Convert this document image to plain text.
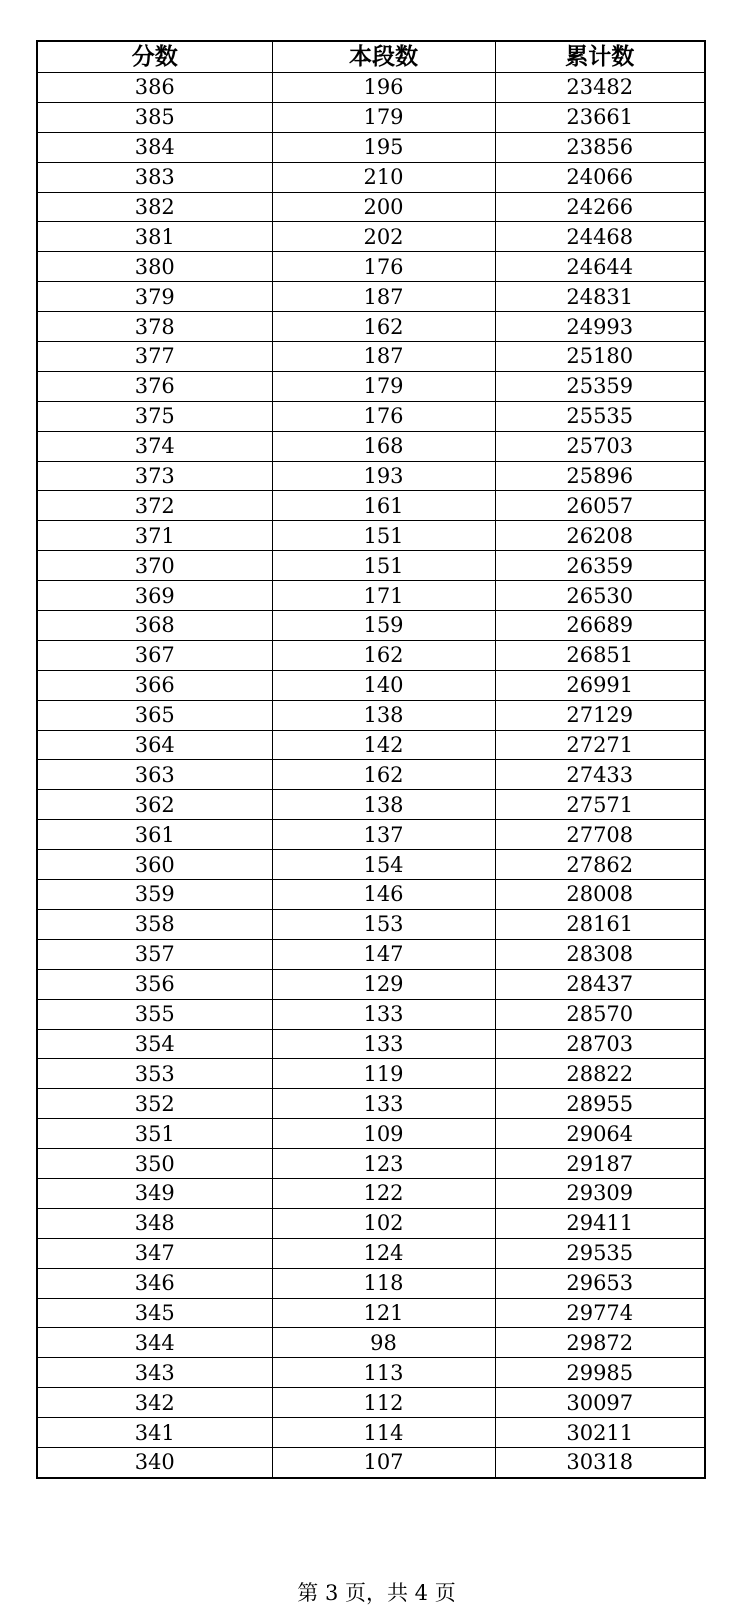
分数	本段数	累计数
386	196	23482
385	179	23661
384	195	23856
383	210	24066
382	200	24266
381	202	24468
380	176	24644
379	187	24831
378	162	24993
377	187	25180
376	179	25359
375	176	25535
374	168	25703
373	193	25896
372	161	26057
371	151	26208
370	151	26359
369	171	26530
368	159	26689
367	162	26851
366	140	26991
365	138	27129
364	142	27271
363	162	27433
362	138	27571
361	137	27708
360	154	27862
359	146	28008
358	153	28161
357	147	28308
356	129	28437
355	133	28570
354	133	28703
353	119	28822
352	133	28955
351	109	29064
350	123	29187
349	122	29309
348	102	29411
347	124	29535
346	118	29653
345	121	29774
344	98	29872
343	113	29985
342	112	30097
341	114	30211
340	107	30318
第 3 页，共 4 页
